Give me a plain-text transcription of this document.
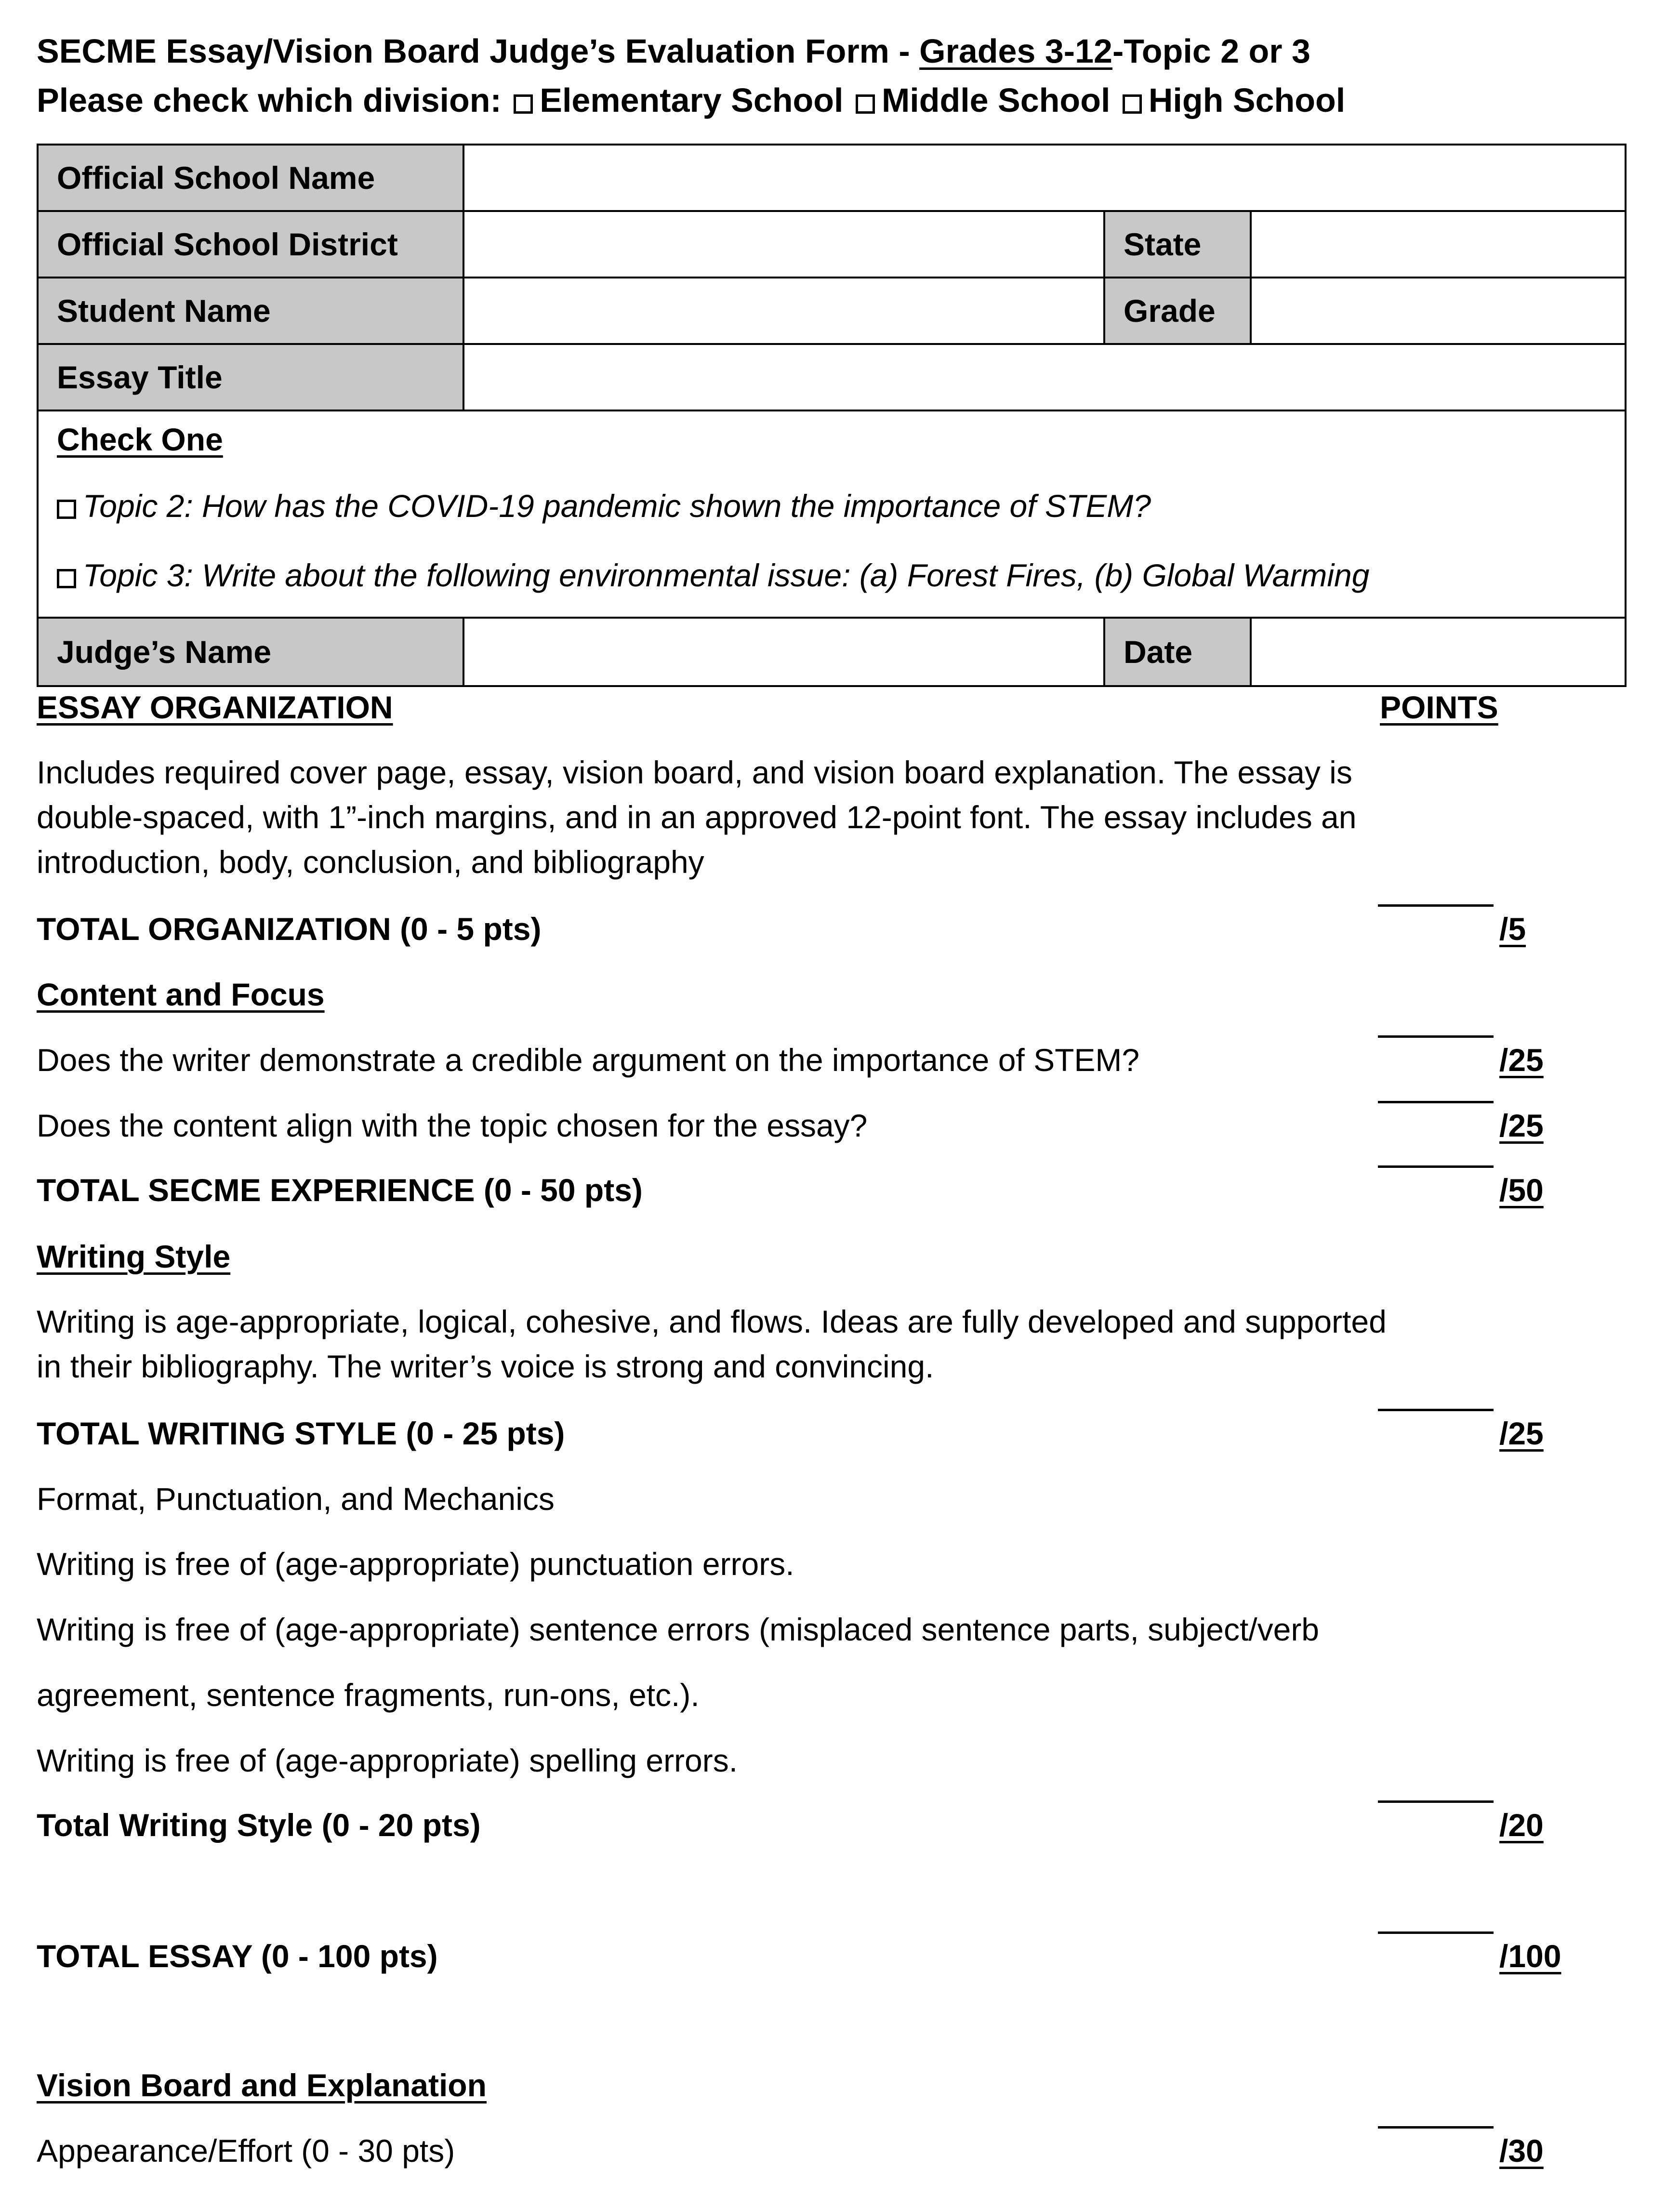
SECME Essay/Vision Board Judge’s Evaluation Form - Grades 3-12-Topic 2 or 3
Please check which division: Elementary School Middle School High School
Official School Name
Official School District	State
Student Name	Grade
Essay Title
Check One
Topic 2: How has the COVID-19 pandemic shown the importance of STEM?
Topic 3: Write about the following environmental issue: (a) Forest Fires, (b) Global Warming
Judge’s Name	Date
ESSAY ORGANIZATION	POINTS
Includes required cover page, essay, vision board, and vision board explanation. The essay is
double-spaced, with 1”-inch margins, and in an approved 12-point font. The essay includes an
introduction, body, conclusion, and bibliography
TOTAL ORGANIZATION (0 - 5 pts)	/5
Content and Focus
Does the writer demonstrate a credible argument on the importance of STEM?	/25
Does the content align with the topic chosen for the essay?	/25
TOTAL SECME EXPERIENCE (0 - 50 pts)	/50
Writing Style
Writing is age-appropriate, logical, cohesive, and flows. Ideas are fully developed and supported
in their bibliography. The writer’s voice is strong and convincing.
TOTAL WRITING STYLE (0 - 25 pts)	/25
Format, Punctuation, and Mechanics
Writing is free of (age-appropriate) punctuation errors.
Writing is free of (age-appropriate) sentence errors (misplaced sentence parts, subject/verb
agreement, sentence fragments, run-ons, etc.).
Writing is free of (age-appropriate) spelling errors.
Total Writing Style (0 - 20 pts)	/20
TOTAL ESSAY (0 - 100 pts)	/100
Vision Board and Explanation
Appearance/Effort (0 - 30 pts)	/30
